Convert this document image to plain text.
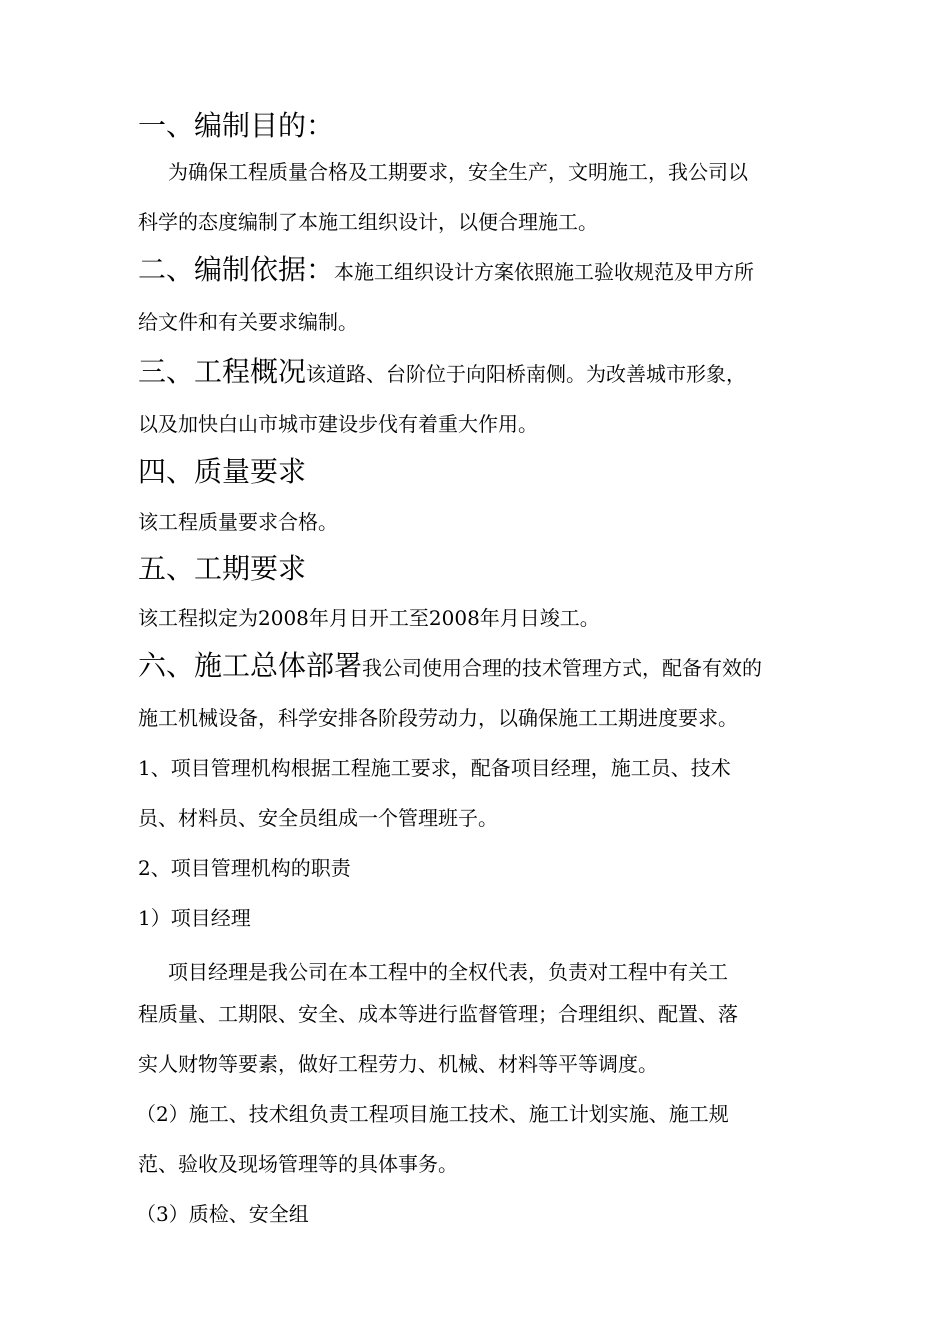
一、编制目的：
为确保工程质量合格及工期要求，安全生产，文明施工，我公司以
科学的态度编制了本施工组织设计，以便合理施工。
二、编制依据：本施工组织设计方案依照施工验收规范及甲方所
给文件和有关要求编制。
三、工程概况该道路、台阶位于向阳桥南侧。为改善城市形象，
以及加快白山市城市建设步伐有着重大作用。
四、质量要求
该工程质量要求合格。
五、工期要求
该工程拟定为2008年月日开工至2008年月日竣工。
六、施工总体部署我公司使用合理的技术管理方式，配备有效的
施工机械设备，科学安排各阶段劳动力，以确保施工工期进度要求。
1、项目管理机构根据工程施工要求，配备项目经理，施工员、技术
员、材料员、安全员组成一个管理班子。
2、项目管理机构的职责
1）项目经理
项目经理是我公司在本工程中的全权代表，负责对工程中有关工
程质量、工期限、安全、成本等进行监督管理；合理组织、配置、落
实人财物等要素，做好工程劳力、机械、材料等平等调度。
（2）施工、技术组负责工程项目施工技术、施工计划实施、施工规
范、验收及现场管理等的具体事务。
（3）质检、安全组
